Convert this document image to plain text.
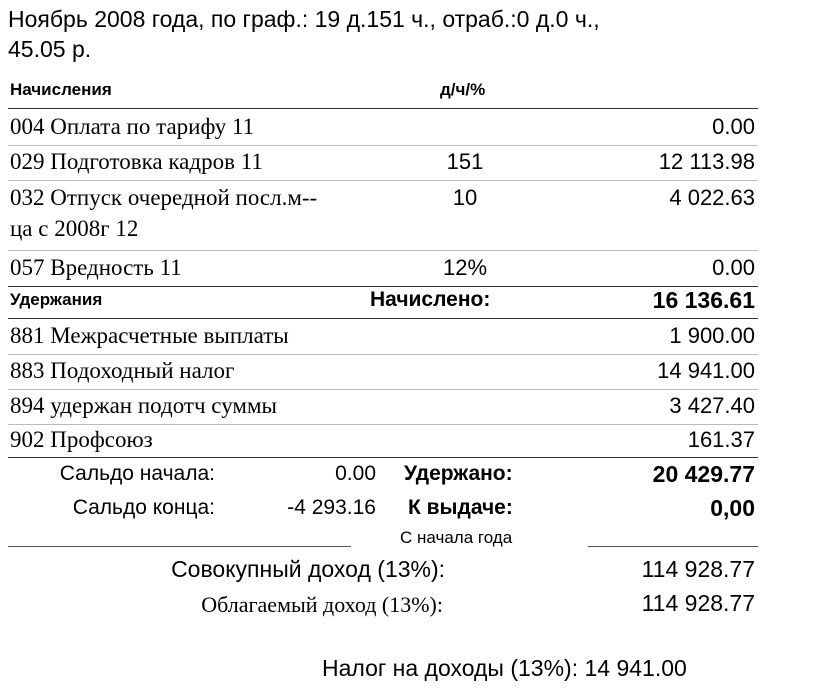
Ноябрь 2008 года, по граф.: 19 д.151 ч., отраб.:0 д.0 ч.,
45.05 р.
Начисления	д/ч/%
004 Оплата по тарифу 11	0.00
029 Подготовка кадров 11	151	12 113.98
032 Отпуск очередной посл.м--
ца с 2008г 12
10	4 022.63
057 Вредность 11	12%	0.00
Удержания	Начислено:	16 136.61
881 Межрасчетные выплаты	1 900.00
883 Подоходный налог	14 941.00
894 удержан подотч суммы	3 427.40
902 Профсоюз	161.37
Сальдо начала:	0.00 Удержано:	20 429.77
Сальдо конца:	-4 293.16 К выдаче:	0,00
С начала года
Совокупный доход (13%):	114 928.77
Облагаемый доход (13%):	114 928.77
Налог на доходы (13%): 14 941.00
